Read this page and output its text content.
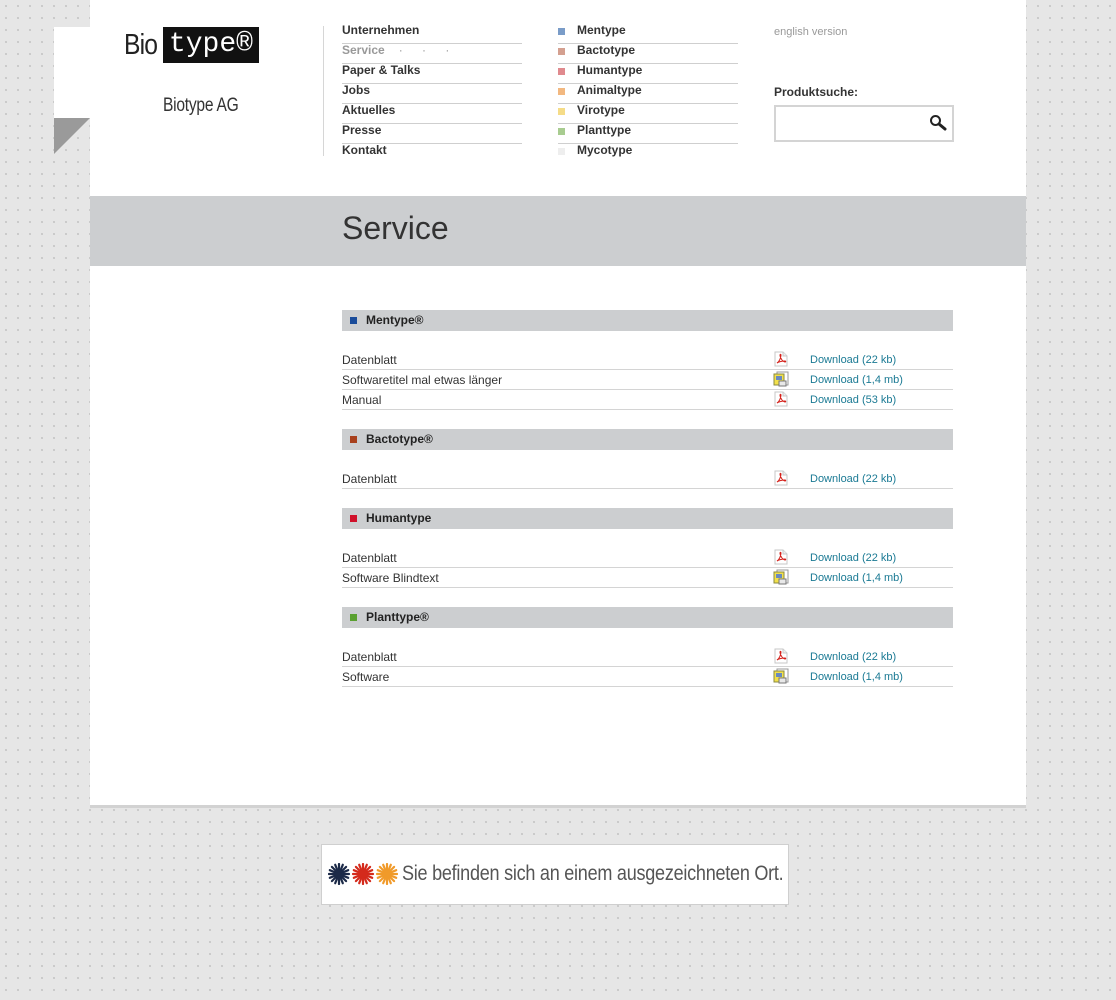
Bio type®
Biotype AG
Unternehmen
Service · · ·
Paper & Talks
Jobs
Aktuelles
Presse
Kontakt
Mentype
Bactotype
Humantype
Animaltype
Virotype
Planttype
Mycotype
english version
Produktsuche:
Service
Mentype®
Datenblatt	Download (22 kb)
Softwaretitel mal etwas länger	Download (1,4 mb)
Manual	Download (53 kb)
Bactotype®
Datenblatt	Download (22 kb)
Humantype
Datenblatt	Download (22 kb)
Software Blindtext	Download (1,4 mb)
Planttype®
Datenblatt	Download (22 kb)
Software	Download (1,4 mb)
Sie befinden sich an einem ausgezeichneten Ort.
